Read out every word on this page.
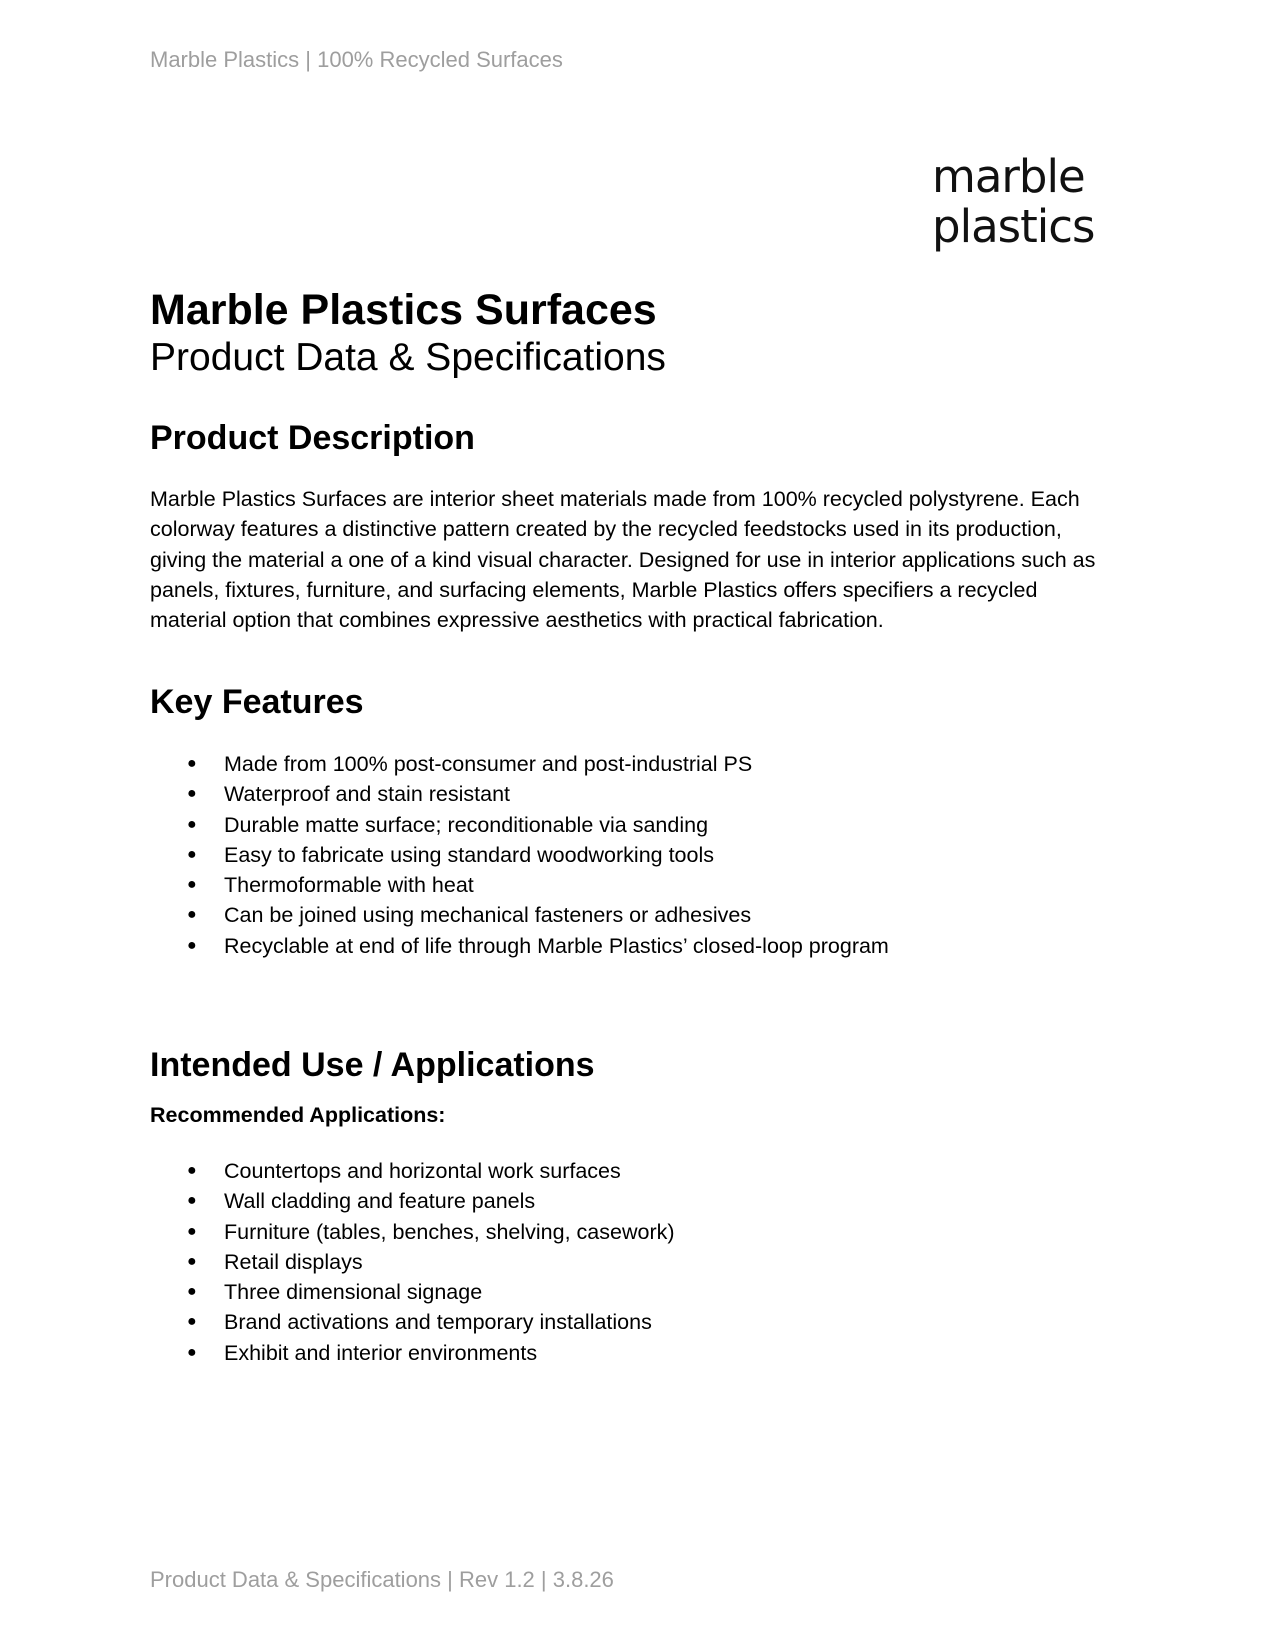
Marble Plastics | 100% Recycled Surfaces
marble
plastics
Marble Plastics Surfaces
Product Data & Specifications
Product Description

Marble Plastics Surfaces are interior sheet materials made from 100% recycled polystyrene. Each colorway features a distinctive pattern created by the recycled feedstocks used in its production, giving the material a one of a kind visual character. Designed for use in interior applications such as panels, fixtures, furniture, and surfacing elements, Marble Plastics offers specifiers a recycled material option that combines expressive aesthetics with practical fabrication.

Key Features
● Made from 100% post-consumer and post-industrial PS
● Waterproof and stain resistant
● Durable matte surface; reconditionable via sanding
● Easy to fabricate using standard woodworking tools
● Thermoformable with heat
● Can be joined using mechanical fasteners or adhesives
● Recyclable at end of life through Marble Plastics’ closed-loop program
Intended Use / Applications
Recommended Applications:
● Countertops and horizontal work surfaces
● Wall cladding and feature panels
● Furniture (tables, benches, shelving, casework)
● Retail displays
● Three dimensional signage
● Brand activations and temporary installations
● Exhibit and interior environments
Product Data & Specifications | Rev 1.2 | 3.8.26
